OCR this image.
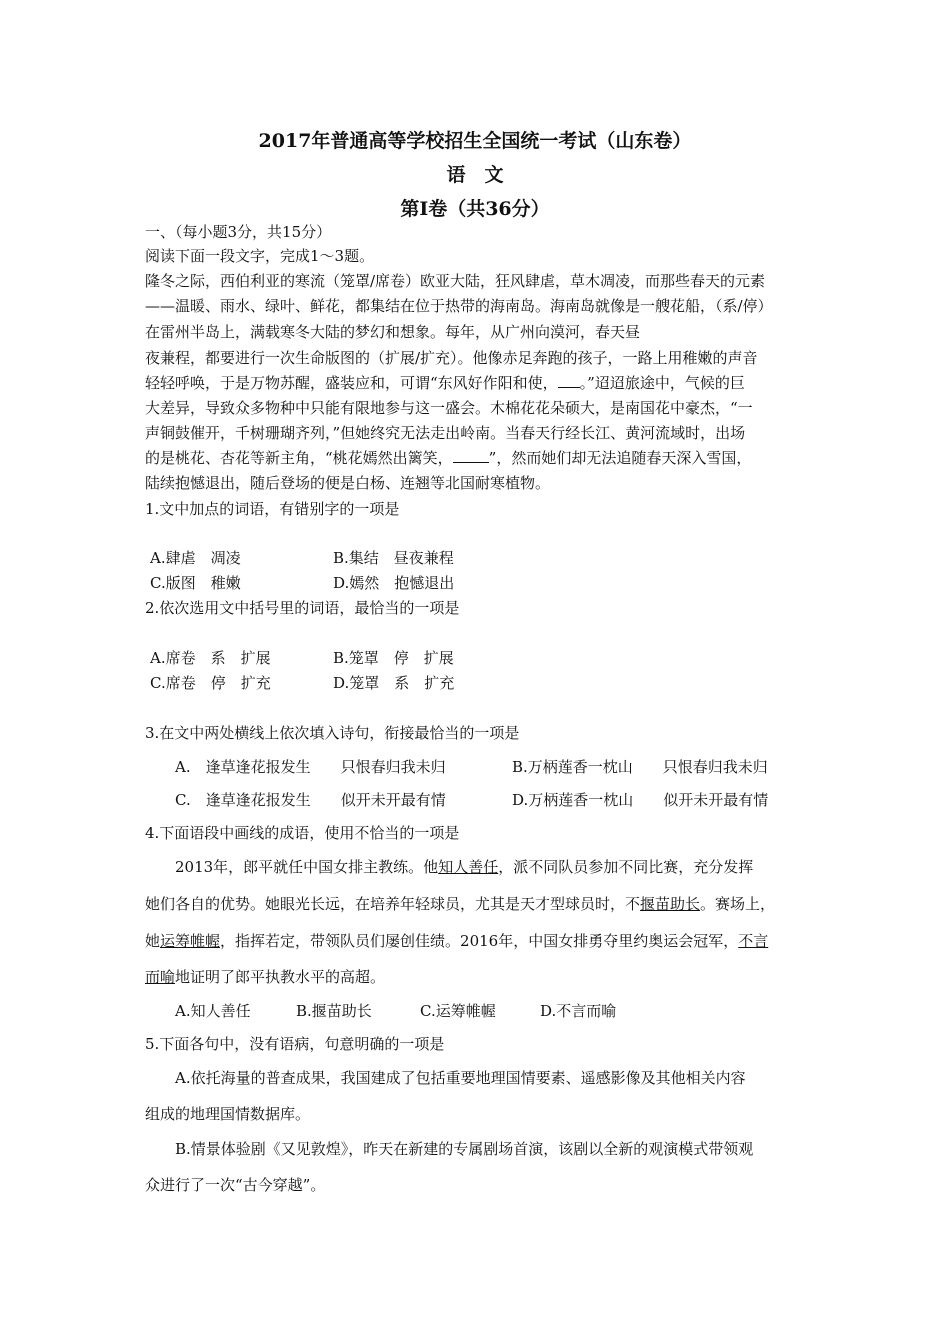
2017年普通高等学校招生全国统一考试（山东卷）
语　文
第Ⅰ卷（共36分）
一、（每小题3分，共15分）
阅读下面一段文字，完成1～3题。
隆冬之际，西伯利亚的寒流（笼罩/席卷）欧亚大陆，狂风肆虐，草木凋凌，而那些春天的元素
——温暖、雨水、绿叶、鲜花，都集结在位于热带的海南岛。海南岛就像是一艘花船，（系/停）
在雷州半岛上，满载寒冬大陆的梦幻和想象。每年，从广州向漠河，春天昼
夜兼程，都要进行一次生命版图的（扩展/扩充）。他像赤足奔跑的孩子，一路上用稚嫩的声音
轻轻呼唤，于是万物苏醒，盛装应和，可谓“东风好作阳和使， 。”迢迢旅途中，气候的巨
大差异，导致众多物种中只能有限地参与这一盛会。木棉花花朵硕大，是南国花中豪杰，“一
声铜鼓催开，千树珊瑚齐列，”但她终究无法走出岭南。当春天行经长江、黄河流域时，出场
的是桃花、杏花等新主角，“桃花嫣然出篱笑， ”，然而她们却无法追随春天深入雪国，
陆续抱憾退出，随后登场的便是白杨、连翘等北国耐寒植物。
1.文中加点的词语，有错别字的一项是
A.肆虐　凋凌	B.集结　昼夜兼程
C.版图　稚嫩	D.嫣然　抱憾退出
2.依次选用文中括号里的词语，最恰当的一项是
A.席卷　系　扩展	B.笼罩　停　扩展
C.席卷　停　扩充	D.笼罩　系　扩充
3.在文中两处横线上依次填入诗句，衔接最恰当的一项是
A.　逢草逢花报发生　　只恨春归我未归	B.万柄莲香一枕山　　只恨春归我未归
C.　逢草逢花报发生　　似开未开最有情	D.万柄莲香一枕山　　似开未开最有情
4.下面语段中画线的成语，使用不恰当的一项是
2013年，郎平就任中国女排主教练。他知人善任，派不同队员参加不同比赛，充分发挥
她们各自的优势。她眼光长远，在培养年轻球员，尤其是天才型球员时，不揠苗助长。赛场上，
她运筹帷幄，指挥若定，带领队员们屡创佳绩。2016年，中国女排勇夺里约奥运会冠军，不言
而喻地证明了郎平执教水平的高超。
A.知人善任	B.揠苗助长	C.运筹帷幄	D.不言而喻
5.下面各句中，没有语病，句意明确的一项是
A.依托海量的普查成果，我国建成了包括重要地理国情要素、遥感影像及其他相关内容
组成的地理国情数据库。
B.情景体验剧《又见敦煌》，昨天在新建的专属剧场首演，该剧以全新的观演模式带领观
众进行了一次“古今穿越”。
